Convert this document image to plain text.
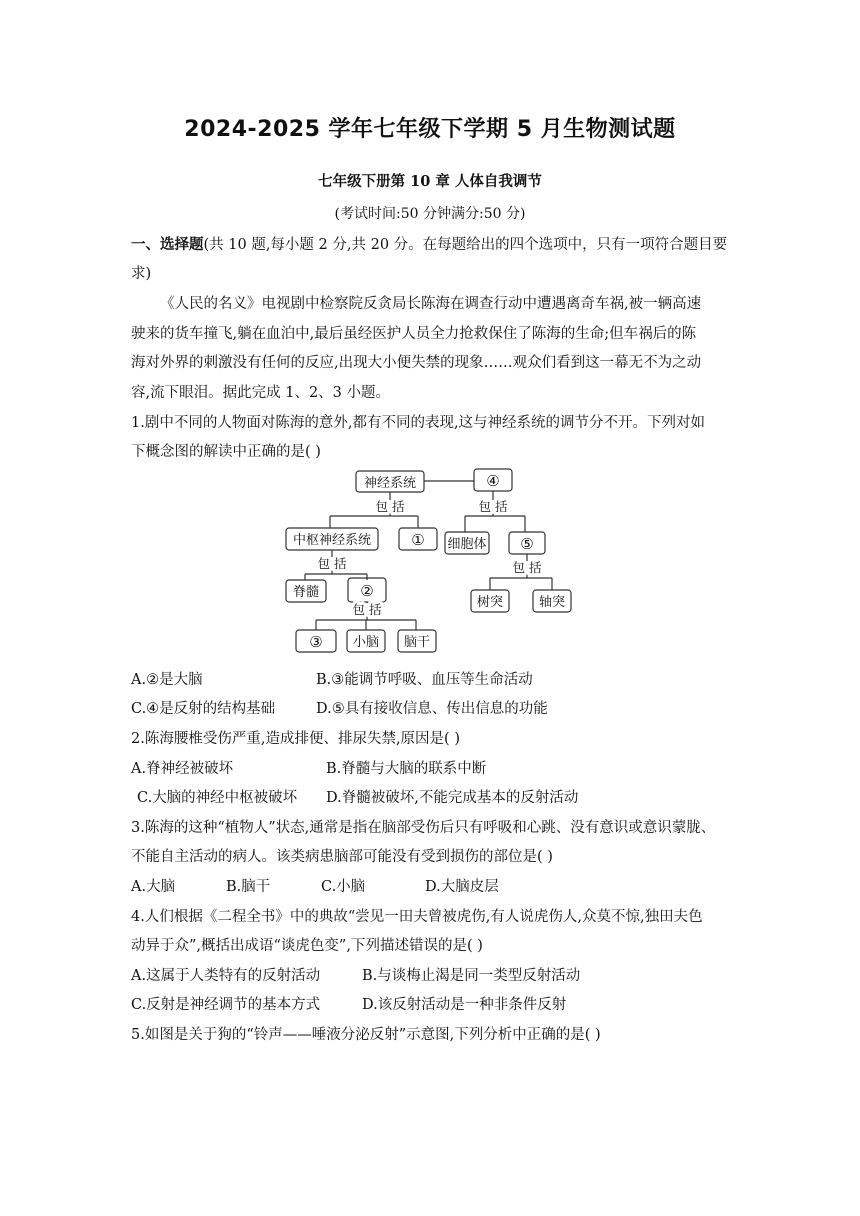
2024-2025 学年七年级下学期 5 月生物测试题
七年级下册第 10 章 人体自我调节
(考试时间:50 分钟满分:50 分)
一、选择题(共 10 题,每小题 2 分,共 20 分。在每题给出的四个选项中，只有一项符合题目要
求)
《人民的名义》电视剧中检察院反贪局长陈海在调查行动中遭遇离奇车祸,被一辆高速
驶来的货车撞飞,躺在血泊中,最后虽经医护人员全力抢救保住了陈海的生命;但车祸后的陈
海对外界的刺激没有任何的反应,出现大小便失禁的现象……观众们看到这一幕无不为之动
容,流下眼泪。据此完成 1、2、3 小题。
1.剧中不同的人物面对陈海的意外,都有不同的表现,这与神经系统的调节分不开。下列对如
下概念图的解读中正确的是( )
神经系统	④
包 括
中枢神经系统	①
包 括
细胞体 ⑤
包 括
树突	轴突
包 括
脊髓	②
包 括
③ 小脑 脑干
A.②是大脑	B.③能调节呼吸、血压等生命活动
C.④是反射的结构基础	D.⑤具有接收信息、传出信息的功能
2.陈海腰椎受伤严重,造成排便、排尿失禁,原因是( )
A.脊神经被破坏	B.脊髓与大脑的联系中断
C.大脑的神经中枢被破坏 D.脊髓被破坏,不能完成基本的反射活动
3.陈海的这种“植物人”状态,通常是指在脑部受伤后只有呼吸和心跳、没有意识或意识蒙胧、
不能自主活动的病人。该类病患脑部可能没有受到损伤的部位是( )
A.大脑	B.脑干	C.小脑	D.大脑皮层
4.人们根据《二程全书》中的典故“尝见一田夫曾被虎伤,有人说虎伤人,众莫不惊,独田夫色
动异于众”,概括出成语“谈虎色变”,下列描述错误的是( )
A.这属于人类特有的反射活动	B.与谈梅止渴是同一类型反射活动
C.反射是神经调节的基本方式	D.该反射活动是一种非条件反射
5.如图是关于狗的“铃声——唾液分泌反射”示意图,下列分析中正确的是( )
